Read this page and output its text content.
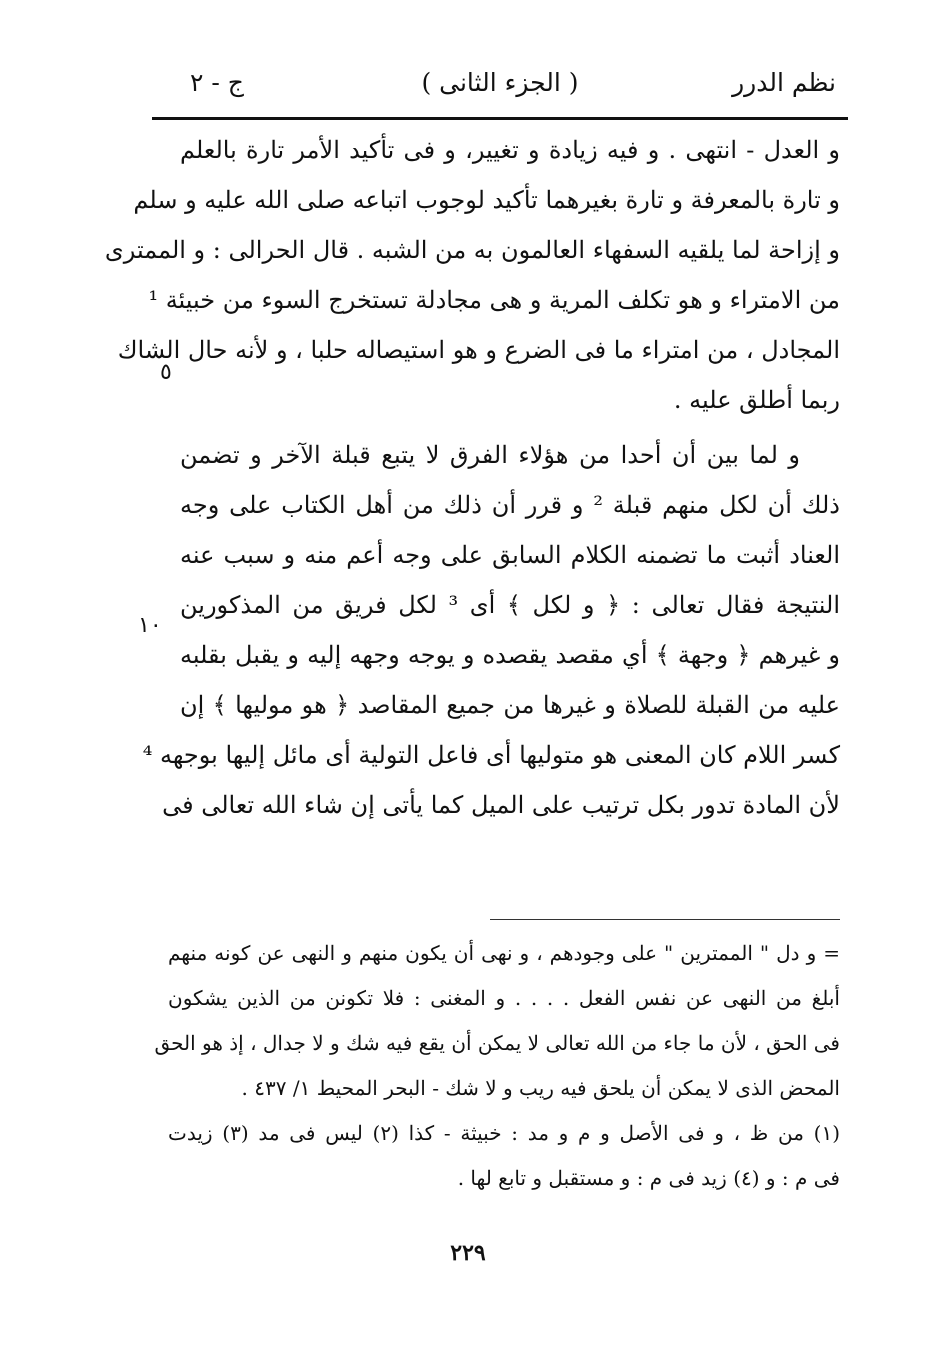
نظم الدرر
( الجزء الثانى )
ج - ٢
و العدل - انتهى . و فيه زيادة و تغيير، و فى تأكيد الأمر تارة بالعلم
و تارة بالمعرفة و تارة بغيرهما تأكيد لوجوب اتباعه صلى الله عليه و سلم
و إزاحة لما يلقيه السفهاء العالمون به من الشبه . قال الحرالى : و الممترى
من الامتراء و هو تكلف المرية و هى مجادلة تستخرج السوء من خبيئة ¹
المجادل ، من امتراء ما فى الضرع و هو استيصاله حلبا ، و لأنه حال الشاك
ربما أطلق عليه .
و لما بين أن أحدا من هؤلاء الفرق لا يتبع قبلة الآخر و تضمن
ذلك أن لكل منهم قبلة ² و قرر أن ذلك من أهل الكتاب على وجه
العناد أثبت ما تضمنه الكلام السابق على وجه أعم منه و سبب عنه
النتيجة فقال تعالى : ﴿ و لكل ﴾ أى ³ لكل فريق من المذكورين
و غيرهم ﴿ وجهة ﴾ أي مقصد يقصده و يوجه وجهه إليه و يقبل بقلبه
عليه من القبلة للصلاة و غيرها من جميع المقاصد ﴿ هو موليها ﴾ إن
كسر اللام كان المعنى هو متوليها أى فاعل التولية أى مائل إليها بوجهه ⁴
لأن المادة تدور بكل ترتيب على الميل كما يأتى إن شاء الله تعالى فى
٥
١٠
= و دل " الممترين " على وجودهم ، و نهى أن يكون منهم و النهى عن كونه منهم
أبلغ من النهى عن نفس الفعل . . . . و المغنى : فلا تكونن من الذين يشكون
فى الحق ، لأن ما جاء من الله تعالى لا يمكن أن يقع فيه شك و لا جدال ، إذ هو الحق
المحض الذى لا يمكن أن يلحق فيه ريب و لا شك - البحر المحيط ١/ ٤٣٧ .
(١) من ظ ، و فى الأصل و م و مد : خبيثة - كذا (٢) ليس فى مد (٣) زيدت
فى م : و (٤) زيد فى م : و مستقبل و تابع لها .
٢٢٩
